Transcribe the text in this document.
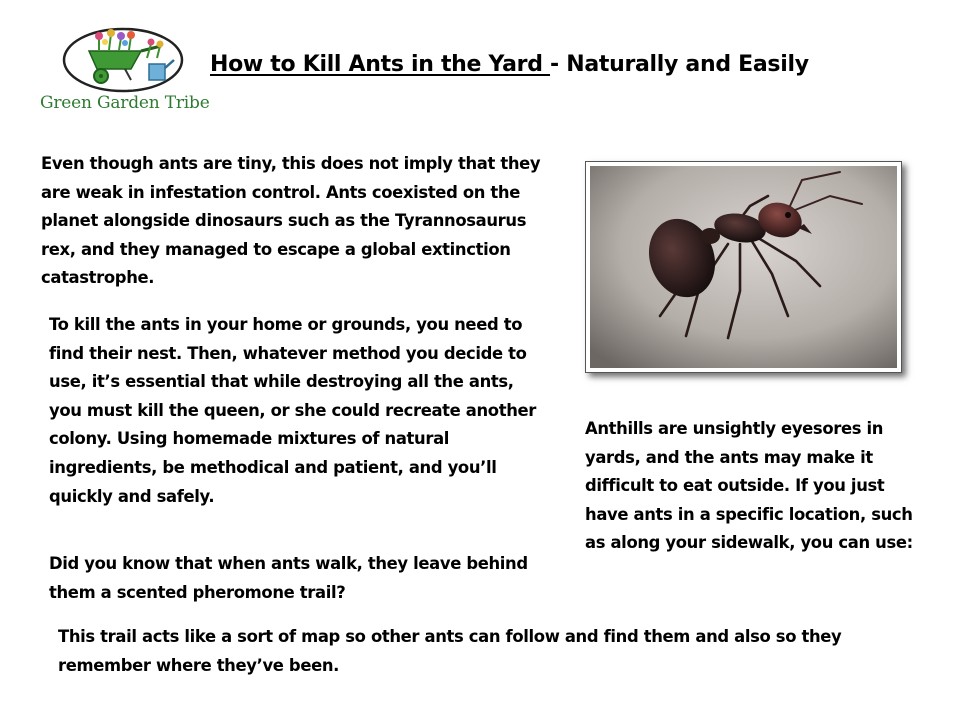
Green Garden Tribe
How to Kill Ants in the Yard - Naturally and Easily
Even though ants are tiny, this does not imply that they are weak in infestation control. Ants coexisted on the planet alongside dinosaurs such as the Tyrannosaurus rex, and they managed to escape a global extinction catastrophe.
To kill the ants in your home or grounds, you need to find their nest. Then, whatever method you decide to use, it’s essential that while destroying all the ants, you must kill the queen, or she could recreate another colony. Using homemade mixtures of natural ingredients, be methodical and patient, and you’ll quickly and safely.
Did you know that when ants walk, they leave behind them a scented pheromone trail?
Anthills are unsightly eyesores in yards, and the ants may make it difficult to eat outside. If you just have ants in a specific location, such as along your sidewalk, you can use:
This trail acts like a sort of map so other ants can follow and find them and also so they remember where they’ve been.
